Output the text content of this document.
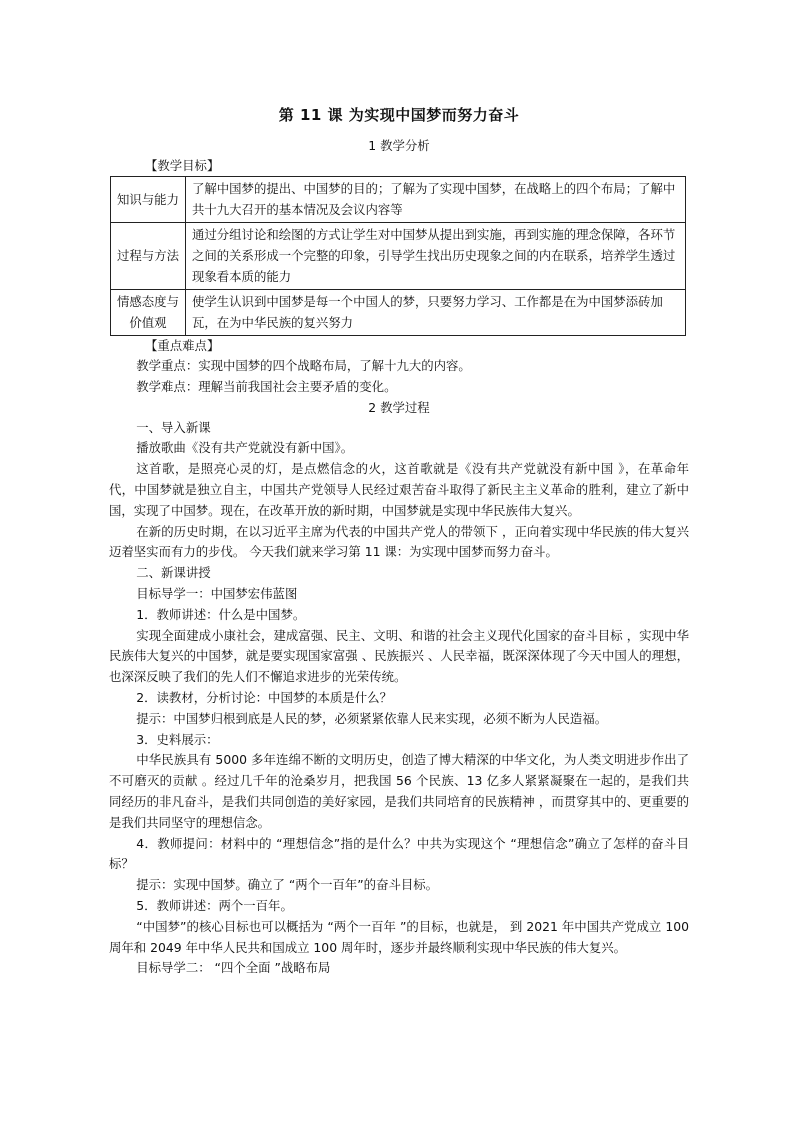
第 11 课 为实现中国梦而努力奋斗
1 教学分析
【教学目标】
知识与能力	了解中国梦的提出、中国梦的目的；了解为了实现中国梦，在战略上的四个布局；了解中共十九大召开的基本情况及会议内容等
过程与方法	通过分组讨论和绘图的方式让学生对中国梦从提出到实施，再到实施的理念保障，各环节之间的关系形成一个完整的印象，引导学生找出历史现象之间的内在联系，培养学生透过现象看本质的能力
情感态度与价值观	使学生认识到中国梦是每一个中国人的梦，只要努力学习、工作都是在为中国梦添砖加瓦，在为中华民族的复兴努力
【重点难点】

教学重点：实现中国梦的四个战略布局，了解十九大的内容。

教学难点：理解当前我国社会主要矛盾的变化。

2 教学过程

一、导入新课

播放歌曲《没有共产党就没有新中国》。

这首歌，是照亮心灵的灯，是点燃信念的火，这首歌就是《没有共产党就没有新中国 》，在革命年代，中国梦就是独立自主，中国共产党领导人民经过艰苦奋斗取得了新民主主义革命的胜利，建立了新中国，实现了中国梦。现在，在改革开放的新时期，中国梦就是实现中华民族伟大复兴。

在新的历史时期，在以习近平主席为代表的中国共产党人的带领下 ，正向着实现中华民族的伟大复兴迈着坚实而有力的步伐。 今天我们就来学习第 11 课：为实现中国梦而努力奋斗。

二、新课讲授

目标导学一：中国梦宏伟蓝图

1．教师讲述：什么是中国梦。

实现全面建成小康社会，建成富强、民主、文明、和谐的社会主义现代化国家的奋斗目标 ，实现中华民族伟大复兴的中国梦，就是要实现国家富强 、民族振兴 、人民幸福，既深深体现了今天中国人的理想，也深深反映了我们的先人们不懈追求进步的光荣传统。

2．读教材，分析讨论：中国梦的本质是什么？

提示：中国梦归根到底是人民的梦，必须紧紧依靠人民来实现，必须不断为人民造福。

3．史料展示：

中华民族具有 5000 多年连绵不断的文明历史，创造了博大精深的中华文化，为人类文明进步作出了不可磨灭的贡献 。经过几千年的沧桑岁月，把我国 56 个民族、13 亿多人紧紧凝聚在一起的，是我们共同经历的非凡奋斗，是我们共同创造的美好家园，是我们共同培育的民族精神 ，而贯穿其中的、更重要的是我们共同坚守的理想信念。

4．教师提问：材料中的 “理想信念”指的是什么？中共为实现这个 “理想信念”确立了怎样的奋斗目标？

提示：实现中国梦。确立了 “两个一百年”的奋斗目标。

5．教师讲述：两个一百年。

“中国梦”的核心目标也可以概括为 “两个一百年 ”的目标，也就是， 到 2021 年中国共产党成立 100 周年和 2049 年中华人民共和国成立 100 周年时，逐步并最终顺利实现中华民族的伟大复兴。

目标导学二： “四个全面 ”战略布局
